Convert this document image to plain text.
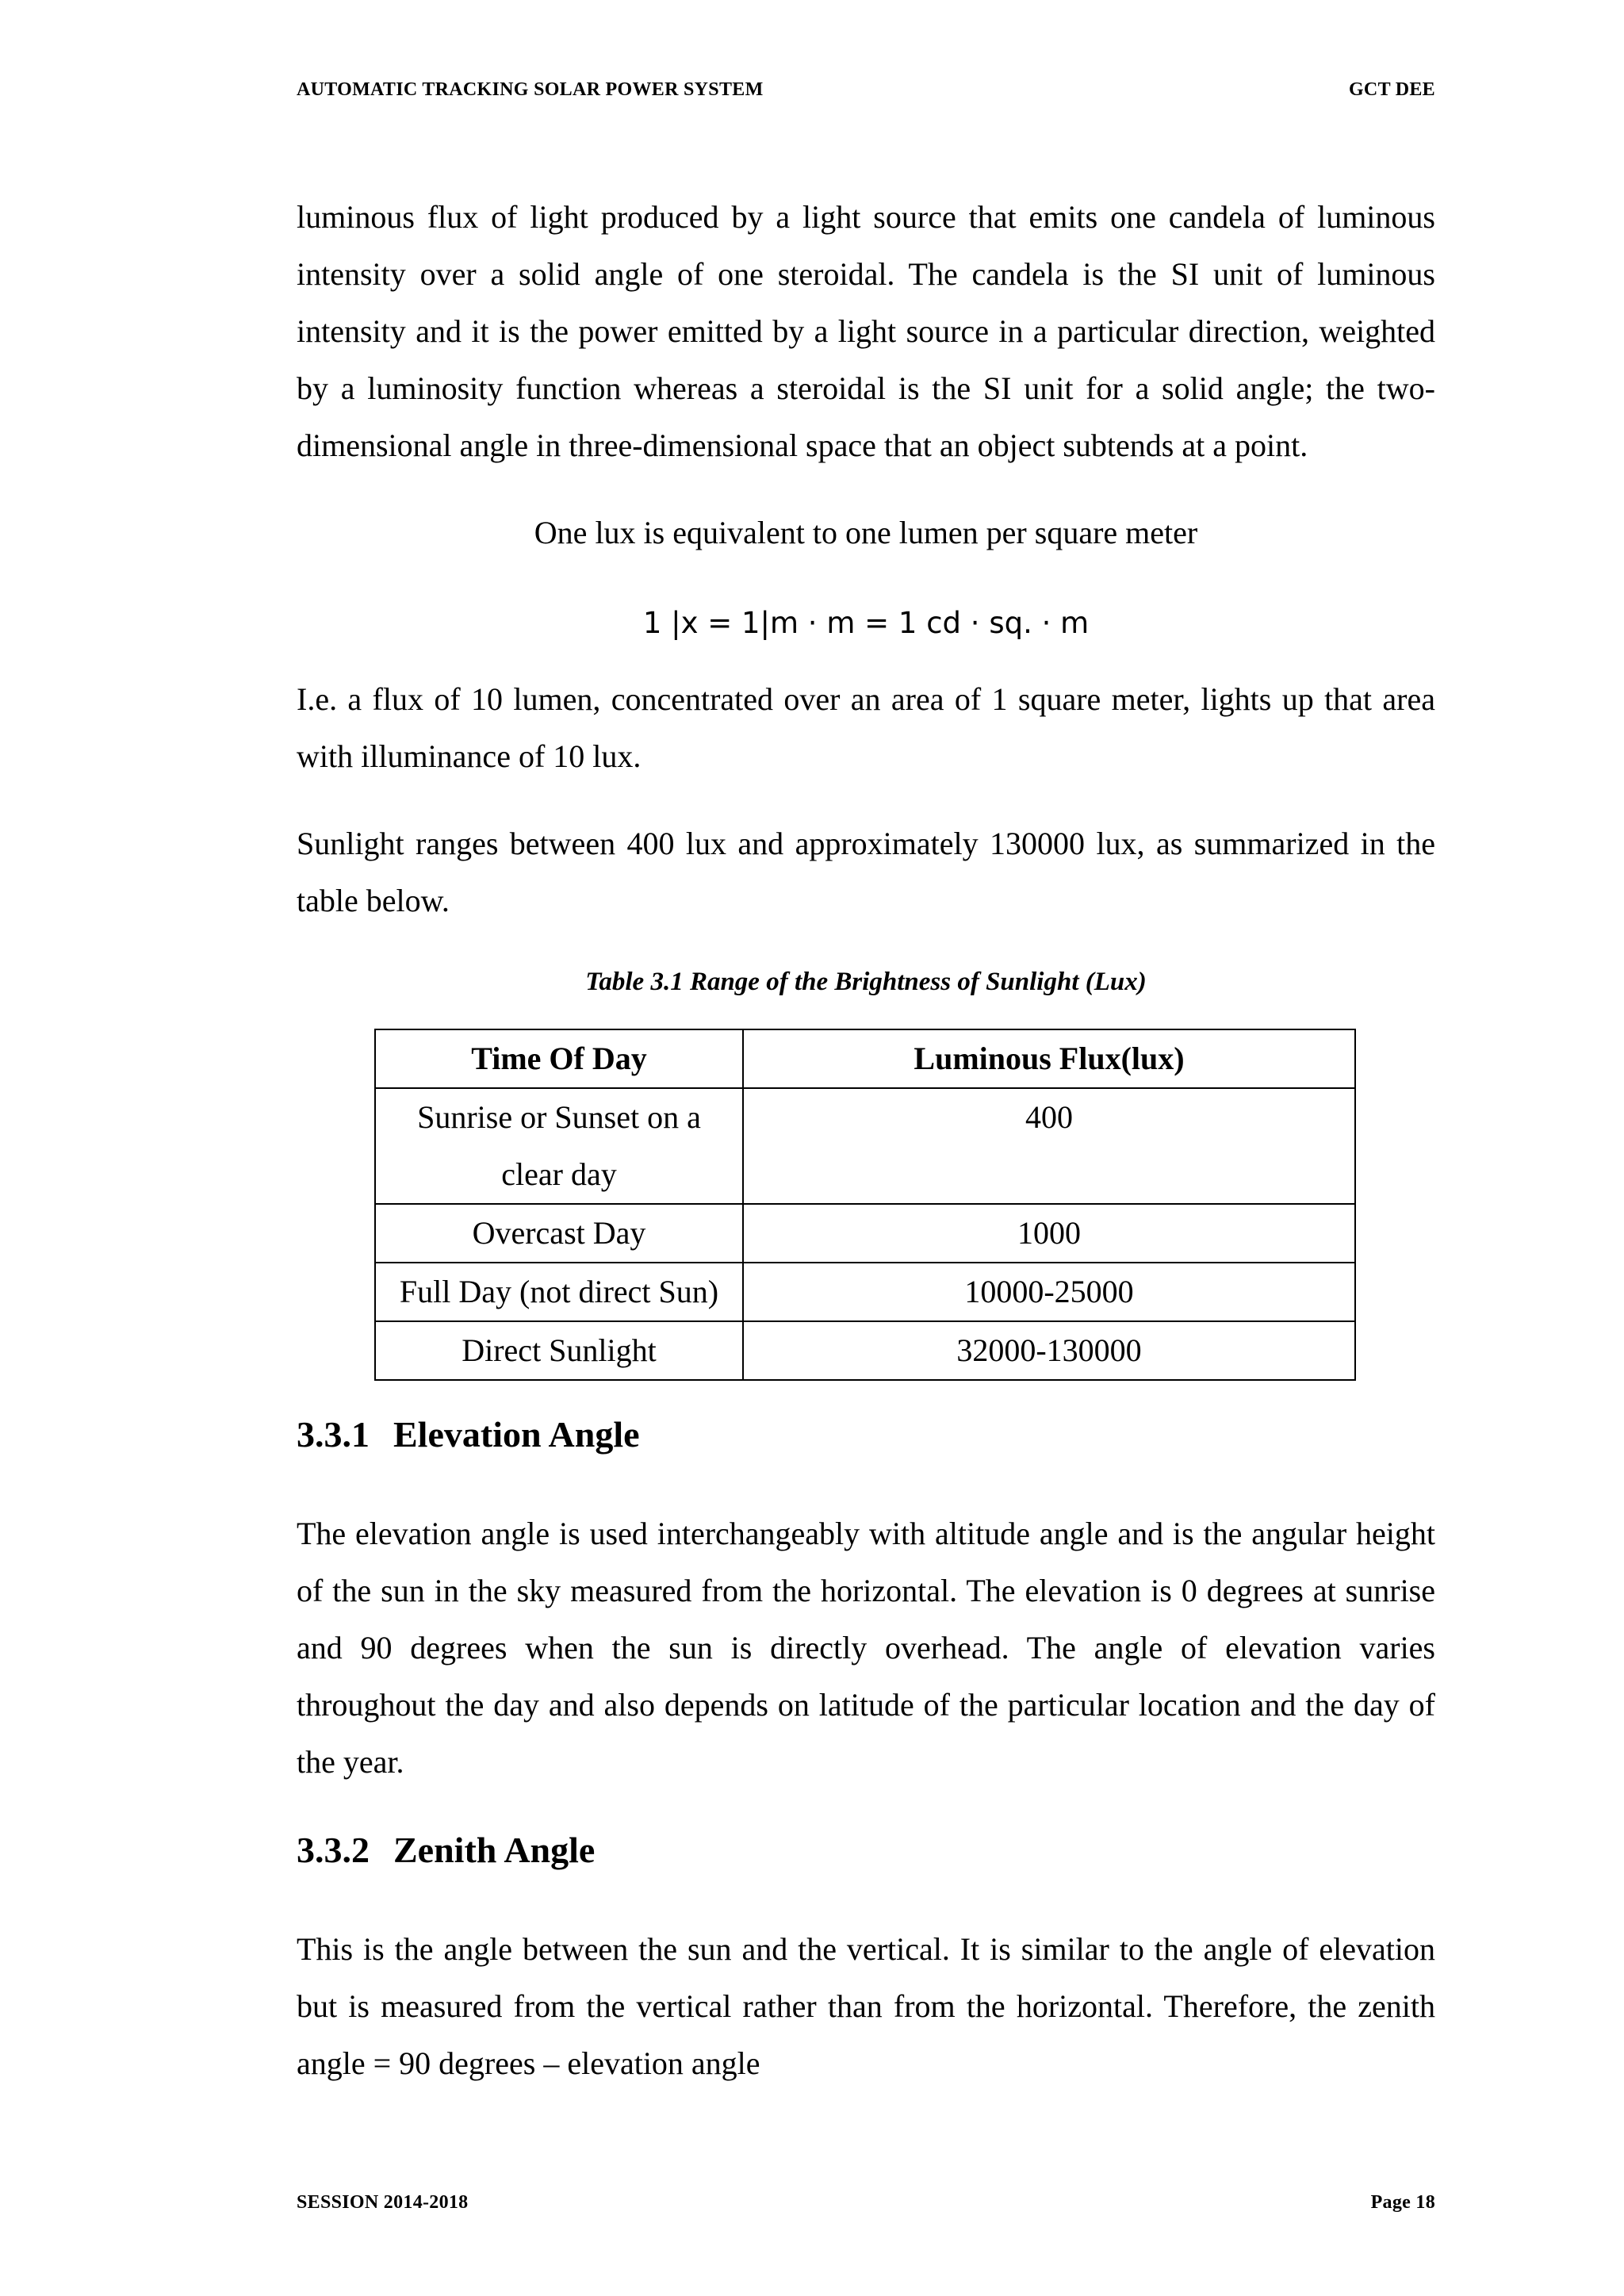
AUTOMATIC TRACKING SOLAR POWER SYSTEM	GCT DEE

luminous flux of light produced by a light source that emits one candela of luminous intensity over a solid angle of one steroidal. The candela is the SI unit of luminous intensity and it is the power emitted by a light source in a particular direction, weighted by a luminosity function whereas a steroidal is the SI unit for a solid angle; the two-dimensional angle in three-dimensional space that an object subtends at a point.

One lux is equivalent to one lumen per square meter
1 |x = 1|m · m = 1 cd · sq. · m

I.e. a flux of 10 lumen, concentrated over an area of 1 square meter, lights up that area with illuminance of 10 lux.

Sunlight ranges between 400 lux and approximately 130000 lux, as summarized in the table below.

Table 3.1 Range of the Brightness of Sunlight (Lux)
Time Of Day	Luminous Flux(lux)
Sunrise or Sunset on a clear day	400
Overcast Day	1000
Full Day (not direct Sun)	10000-25000
Direct Sunlight	32000-130000
3.3.1 Elevation Angle

The elevation angle is used interchangeably with altitude angle and is the angular height of the sun in the sky measured from the horizontal. The elevation is 0 degrees at sunrise and 90 degrees when the sun is directly overhead. The angle of elevation varies throughout the day and also depends on latitude of the particular location and the day of the year.

3.3.2 Zenith Angle

This is the angle between the sun and the vertical. It is similar to the angle of elevation but is measured from the vertical rather than from the horizontal. Therefore, the zenith angle = 90 degrees – elevation angle

SESSION 2014-2018	Page 18
